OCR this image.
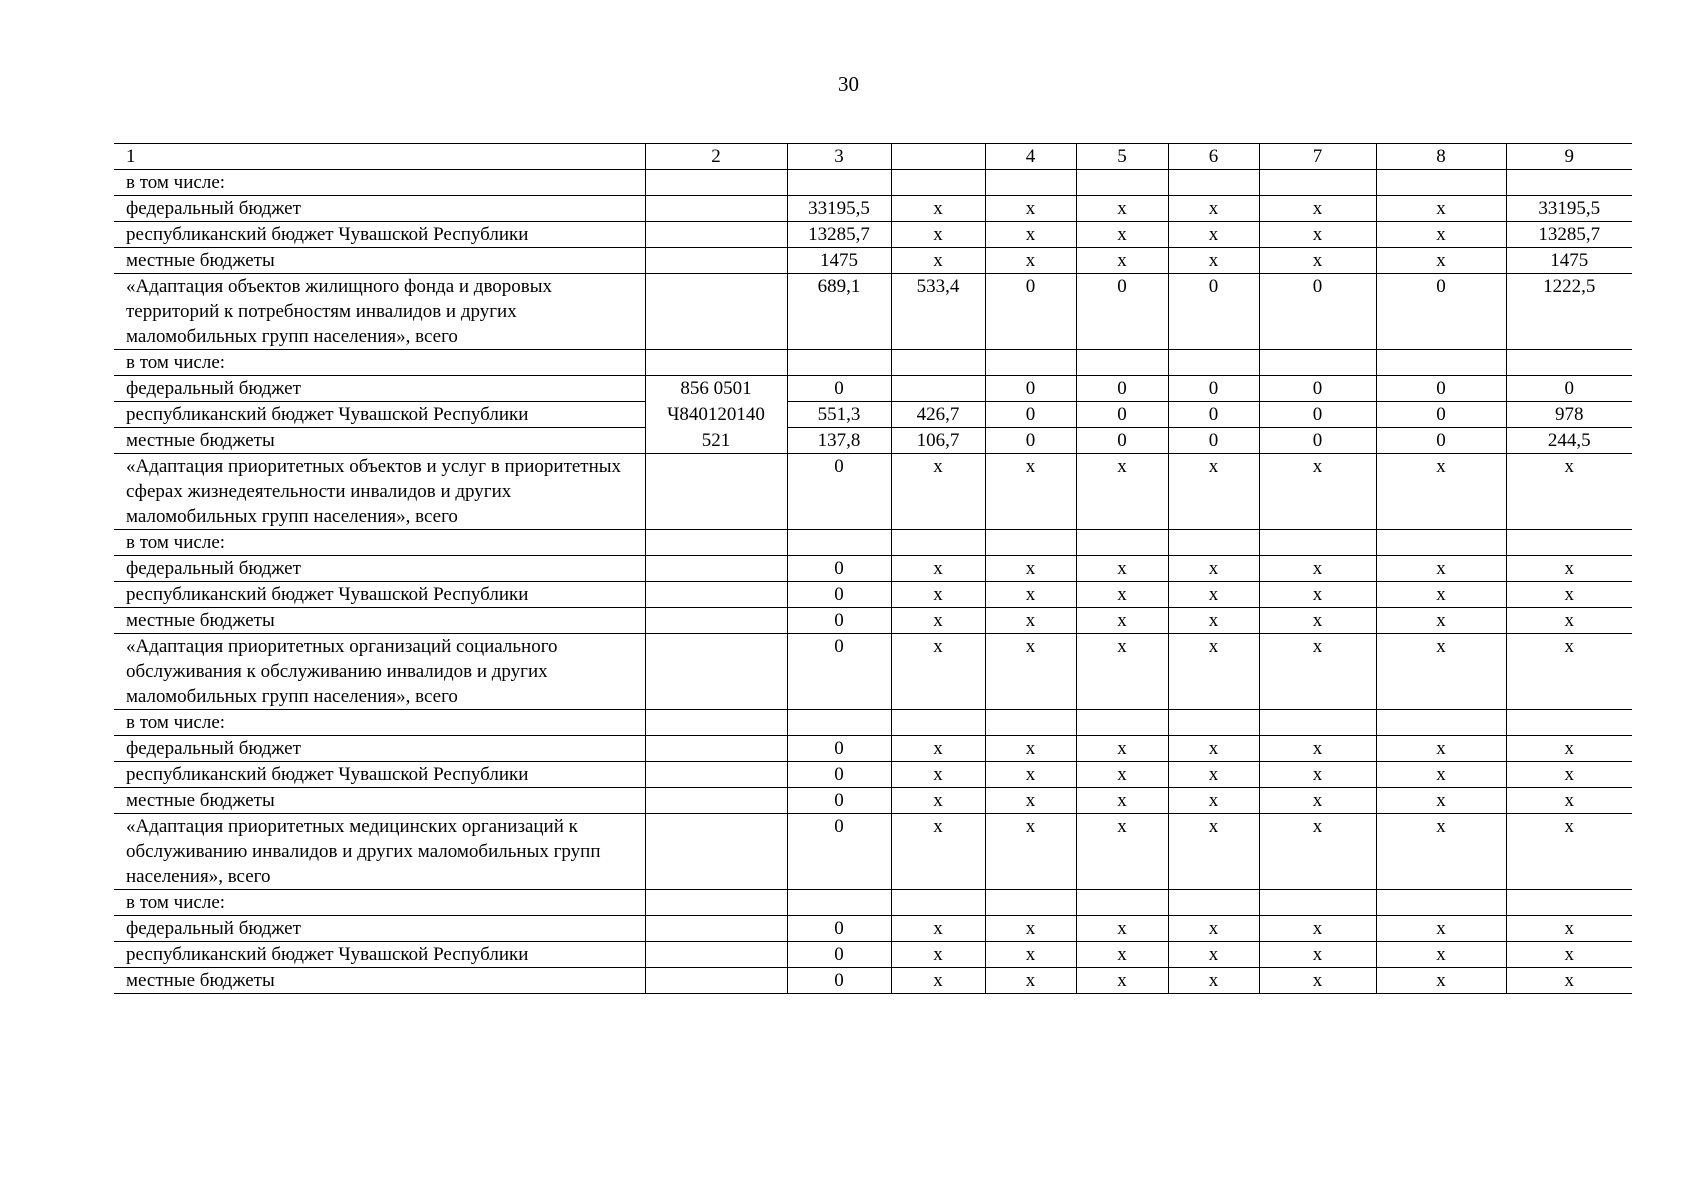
30
1	2	3		4	5	6	7	8	9
в том числе:									
федеральный бюджет		33195,5	x	x	x	x	x	x	33195,5
республиканский бюджет Чувашской Республики		13285,7	x	x	x	x	x	x	13285,7
местные бюджеты		1475	x	x	x	x	x	x	1475
«Адаптация объектов жилищного фонда и дворовых территорий к потребностям инвалидов и других маломобильных групп населения», всего		689,1	533,4	0	0	0	0	0	1222,5
в том числе:									
федеральный бюджет	856 0501	0		0	0	0	0	0	0
республиканский бюджет Чувашской Республики	Ч840120140	551,3	426,7	0	0	0	0	0	978
местные бюджеты	521	137,8	106,7	0	0	0	0	0	244,5
«Адаптация приоритетных объектов и услуг в приоритетных сферах жизнедеятельности инвалидов и других маломобильных групп населения», всего		0	x	x	x	x	x	x	x
в том числе:									
федеральный бюджет		0	x	x	x	x	x	x	x
республиканский бюджет Чувашской Республики		0	x	x	x	x	x	x	x
местные бюджеты		0	x	x	x	x	x	x	x
«Адаптация приоритетных организаций социального обслуживания к обслуживанию инвалидов и других маломобильных групп населения», всего		0	x	x	x	x	x	x	x
в том числе:									
федеральный бюджет		0	x	x	x	x	x	x	x
республиканский бюджет Чувашской Республики		0	x	x	x	x	x	x	x
местные бюджеты		0	x	x	x	x	x	x	x
«Адаптация приоритетных медицинских организаций к обслуживанию инвалидов и других маломобильных групп населения», всего		0	x	x	x	x	x	x	x
в том числе:									
федеральный бюджет		0	x	x	x	x	x	x	x
республиканский бюджет Чувашской Республики		0	x	x	x	x	x	x	x
местные бюджеты		0	x	x	x	x	x	x	x
